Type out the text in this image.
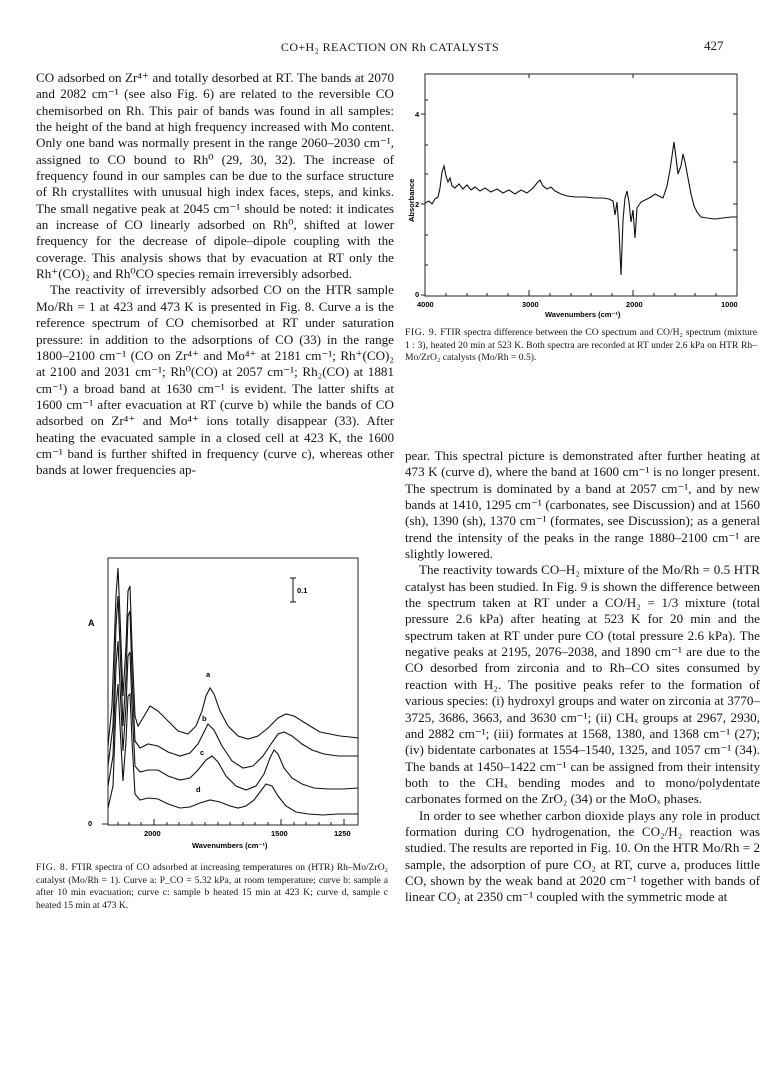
CO+H₂ REACTION ON Rh CATALYSTS	427

CO adsorbed on Zr⁴⁺ and totally desorbed at RT. The bands at 2070 and 2082 cm⁻¹ (see also Fig. 6) are related to the reversible CO chemisorbed on Rh. This pair of bands was found in all samples: the height of the band at high frequency increased with Mo content. Only one band was normally present in the range 2060–2030 cm⁻¹, assigned to CO bound to Rh⁰ (29, 30, 32). The increase of frequency found in our samples can be due to the surface structure of Rh crystallites with unusual high index faces, steps, and kinks. The small negative peak at 2045 cm⁻¹ should be noted: it indicates an increase of CO linearly adsorbed on Rh⁰, shifted at lower frequency for the decrease of dipole–dipole coupling with the coverage. This analysis shows that by evacuation at RT only the Rh⁺(CO)₂ and Rh⁰CO species remain irreversibly adsorbed.

The reactivity of irreversibly adsorbed CO on the HTR sample Mo/Rh = 1 at 423 and 473 K is presented in Fig. 8. Curve a is the reference spectrum of CO chemisorbed at RT under saturation pressure: in addition to the adsorptions of CO (33) in the range 1800–2100 cm⁻¹ (CO on Zr⁴⁺ and Mo⁴⁺ at 2181 cm⁻¹; Rh⁺(CO)₂ at 2100 and 2031 cm⁻¹; Rh⁰(CO) at 2057 cm⁻¹; Rh₂(CO) at 1881 cm⁻¹) a broad band at 1630 cm⁻¹ is evident. The latter shifts at 1600 cm⁻¹ after evacuation at RT (curve b) while the bands of CO adsorbed on Zr⁴⁺ and Mo⁴⁺ ions totally disappear (33). After heating the evacuated sample in a closed cell at 423 K, the 1600 cm⁻¹ band is further shifted in frequency (curve c), whereas other bands at lower frequencies ap-

0
2
4
Absorbance
4000	3000	2000	1000
Wavenumbers (cm⁻¹)
FIG. 9. FTIR spectra difference between the CO spectrum and CO/H₂ spectrum (mixture 1 : 3), heated 20 min at 523 K. Both spectra are recorded at RT under 2.6 kPa on HTR Rh–Mo/ZrO₂ catalysts (Mo/Rh = 0.5).

pear. This spectral picture is demonstrated after further heating at 473 K (curve d), where the band at 1600 cm⁻¹ is no longer present. The spectrum is dominated by a band at 2057 cm⁻¹, and by new bands at 1410, 1295 cm⁻¹ (carbonates, see Discussion) and at 1560 (sh), 1390 (sh), 1370 cm⁻¹ (formates, see Discussion); as a general trend the intensity of the peaks in the range 1880–2100 cm⁻¹ are slightly lowered.

The reactivity towards CO–H₂ mixture of the Mo/Rh = 0.5 HTR catalyst has been studied. In Fig. 9 is shown the difference between the spectrum taken at RT under a CO/H₂ = 1/3 mixture (total pressure 2.6 kPa) after heating at 523 K for 20 min and the spectrum taken at RT under pure CO (total pressure 2.6 kPa). The negative peaks at 2195, 2076–2038, and 1890 cm⁻¹ are due to the CO desorbed from zirconia and to Rh–CO sites consumed by reaction with H₂. The positive peaks refer to the formation of various species: (i) hydroxyl groups and water on zirconia at 3770–3725, 3686, 3663, and 3630 cm⁻¹; (ii) CHₓ groups at 2967, 2930, and 2882 cm⁻¹; (iii) formates at 1568, 1380, and 1368 cm⁻¹ (27); (iv) bidentate carbonates at 1554–1540, 1325, and 1057 cm⁻¹ (34). The bands at 1450–1422 cm⁻¹ can be assigned from their intensity both to the CHₓ bending modes and to mono/polydentate carbonates formed on the ZrO₂ (34) or the MoOₓ phases.

In order to see whether carbon dioxide plays any role in product formation during CO hydrogenation, the CO₂/H₂ reaction was studied. The results are reported in Fig. 10. On the HTR Mo/Rh = 2 sample, the adsorption of pure CO₂ at RT, curve a, produces little CO, shown by the weak band at 2020 cm⁻¹ together with bands of linear CO₂ at 2350 cm⁻¹ coupled with the symmetric mode at

0.1
a
b
c
d
0
A
2000	1500	1250
Wavenumbers (cm⁻¹)
FIG. 8. FTIR spectra of CO adsorbed at increasing temperatures on (HTR) Rh–Mo/ZrO₂ catalyst (Mo/Rh = 1). Curve a: P_CO = 5.32 kPa, at room temperature; curve b: sample a after 10 min evacuation; curve c: sample b heated 15 min at 423 K; curve d, sample c heated 15 min at 473 K.
